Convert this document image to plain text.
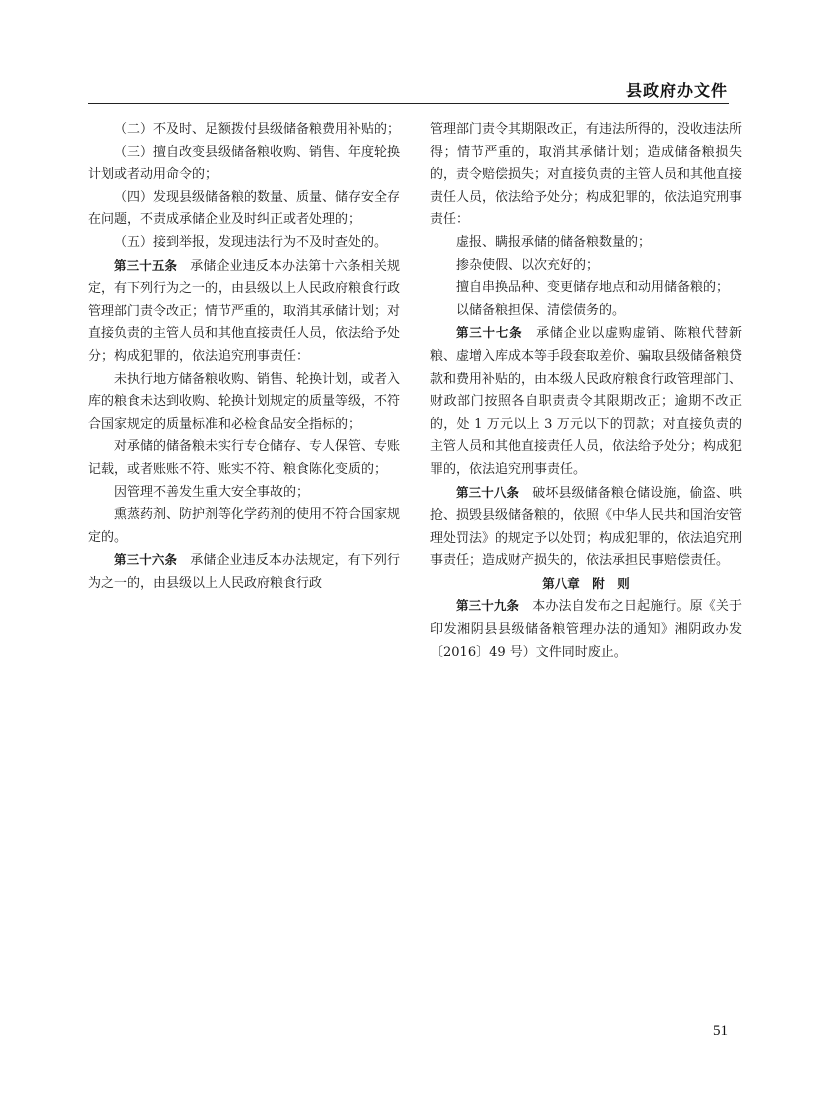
县政府办文件

（二）不及时、足额拨付县级储备粮费用补贴的；

（三）擅自改变县级储备粮收购、销售、年度轮换计划或者动用命令的；

（四）发现县级储备粮的数量、质量、储存安全存在问题，不责成承储企业及时纠正或者处理的；

（五）接到举报，发现违法行为不及时查处的。

第三十五条　 承储企业违反本办法第十六条相关规定，有下列行为之一的，由县级以上人民政府粮食行政管理部门责令改正；情节严重的，取消其承储计划；对直接负责的主管人员和其他直接责任人员，依法给予处分；构成犯罪的，依法追究刑事责任：

未执行地方储备粮收购、销售、轮换计划，或者入库的粮食未达到收购、轮换计划规定的质量等级，不符合国家规定的质量标准和必检食品安全指标的；

对承储的储备粮未实行专仓储存、专人保管、专账记载，或者账账不符、账实不符、粮食陈化变质的；

因管理不善发生重大安全事故的；

熏蒸药剂、防护剂等化学药剂的使用不符合国家规定的。

第三十六条　 承储企业违反本办法规定，有下列行为之一的，由县级以上人民政府粮食行政

管理部门责令其期限改正，有违法所得的，没收违法所得；情节严重的，取消其承储计划；造成储备粮损失的，责令赔偿损失；对直接负责的主管人员和其他直接责任人员，依法给予处分；构成犯罪的，依法追究刑事责任：

虚报、瞒报承储的储备粮数量的；

掺杂使假、以次充好的；

擅自串换品种、变更储存地点和动用储备粮的；

以储备粮担保、清偿债务的。

第三十七条　 承储企业以虚购虚销、陈粮代替新粮、虚增入库成本等手段套取差价、骗取县级储备粮贷款和费用补贴的，由本级人民政府粮食行政管理部门、财政部门按照各自职责责令其限期改正；逾期不改正的，处 1 万元以上 3 万元以下的罚款；对直接负责的主管人员和其他直接责任人员，依法给予处分；构成犯罪的，依法追究刑事责任。

第三十八条　 破坏县级储备粮仓储设施，偷盗、哄抢、损毁县级储备粮的，依照《中华人民共和国治安管理处罚法》的规定予以处罚；构成犯罪的，依法追究刑事责任；造成财产损失的，依法承担民事赔偿责任。

第八章　附　则

第三十九条　 本办法自发布之日起施行。原《关于印发湘阴县县级储备粮管理办法的通知》湘阴政办发〔2016〕49 号）文件同时废止。

51
